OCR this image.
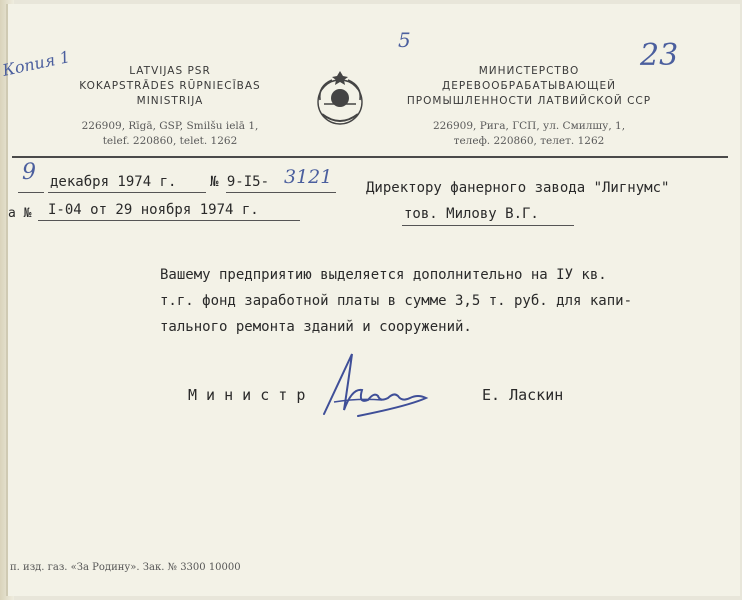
Копия 1
5	23
LATVIJAS PSR
KOKAPSTRĀDES RŪPNIECĪBAS
MINISTRIJA
226909, Rīgā, GSP, Smilšu ielā 1,
telef. 220860, telet. 1262
МИНИСТЕРСТВО
ДЕРЕВООБРАБАТЫВАЮЩЕЙ
ПРОМЫШЛЕННОСТИ ЛАТВИЙСКОЙ ССР
226909, Рига, ГСП, ул. Смилшу, 1,
телеф. 220860, телет. 1262
9 декабря 1974 г. № 9-I5- 3121
а № I-04 от 29 ноября 1974 г.
Директору фанерного завода "Лигнумс"
тов. Милову В.Г.
Вашему предприятию выделяется дополнительно на IУ кв.
т.г. фонд заработной платы в сумме 3,5 т. руб. для капи-
тального ремонта зданий и сооружений.
М и н и с т р	Е. Ласкин
п. изд. газ. «За Родину». Зак. № 3300 10000
